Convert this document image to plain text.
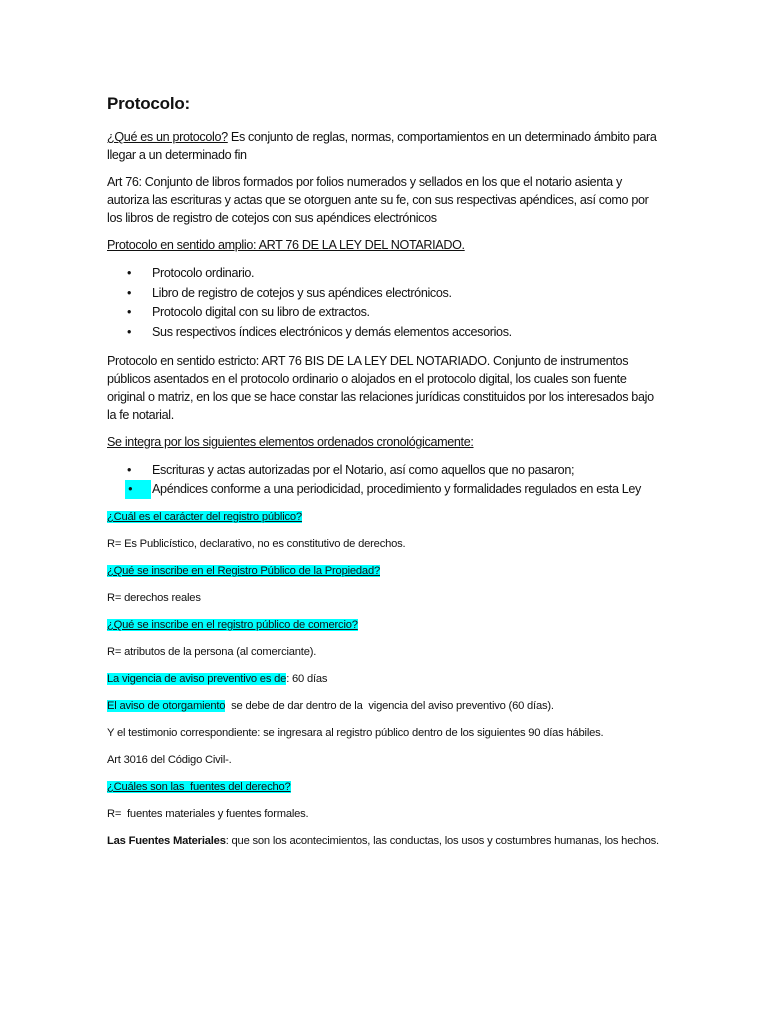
Protocolo:

¿Qué es un protocolo? Es conjunto de reglas, normas, comportamientos en un determinado ámbito para llegar a un determinado fin

Art 76: Conjunto de libros formados por folios numerados y sellados en los que el notario asienta y autoriza las escrituras y actas que se otorguen ante su fe, con sus respectivas apéndices, así como por los libros de registro de cotejos con sus apéndices electrónicos

Protocolo en sentido amplio: ART 76 DE LA LEY DEL NOTARIADO.

• Protocolo ordinario.
• Libro de registro de cotejos y sus apéndices electrónicos.
• Protocolo digital con su libro de extractos.
• Sus respectivos índices electrónicos y demás elementos accesorios.

Protocolo en sentido estricto: ART 76 BIS DE LA LEY DEL NOTARIADO. Conjunto de instrumentos públicos asentados en el protocolo ordinario o alojados en el protocolo digital, los cuales son fuente original o matriz, en los que se hace constar las relaciones jurídicas constituidos por los interesados bajo la fe notarial.

Se integra por los siguientes elementos ordenados cronológicamente:

• Escrituras y actas autorizadas por el Notario, así como aquellos que no pasaron;
•	Apéndices conforme a una periodicidad, procedimiento y formalidades regulados en esta Ley

¿Cuál es el carácter del registro público?

R= Es Publicístico, declarativo, no es constitutivo de derechos.

¿Qué se inscribe en el Registro Público de la Propiedad?

R= derechos reales

¿Qué se inscribe en el registro público de comercio?

R= atributos de la persona (al comerciante).

La vigencia de aviso preventivo es de: 60 días

El aviso de otorgamiento  se debe de dar dentro de la  vigencia del aviso preventivo (60 días).

Y el testimonio correspondiente: se ingresara al registro público dentro de los siguientes 90 días hábiles.

Art 3016 del Código Civil-.

¿Cuáles son las  fuentes del derecho?

R=  fuentes materiales y fuentes formales.

Las Fuentes Materiales: que son los acontecimientos, las conductas, los usos y costumbres humanas, los hechos.
